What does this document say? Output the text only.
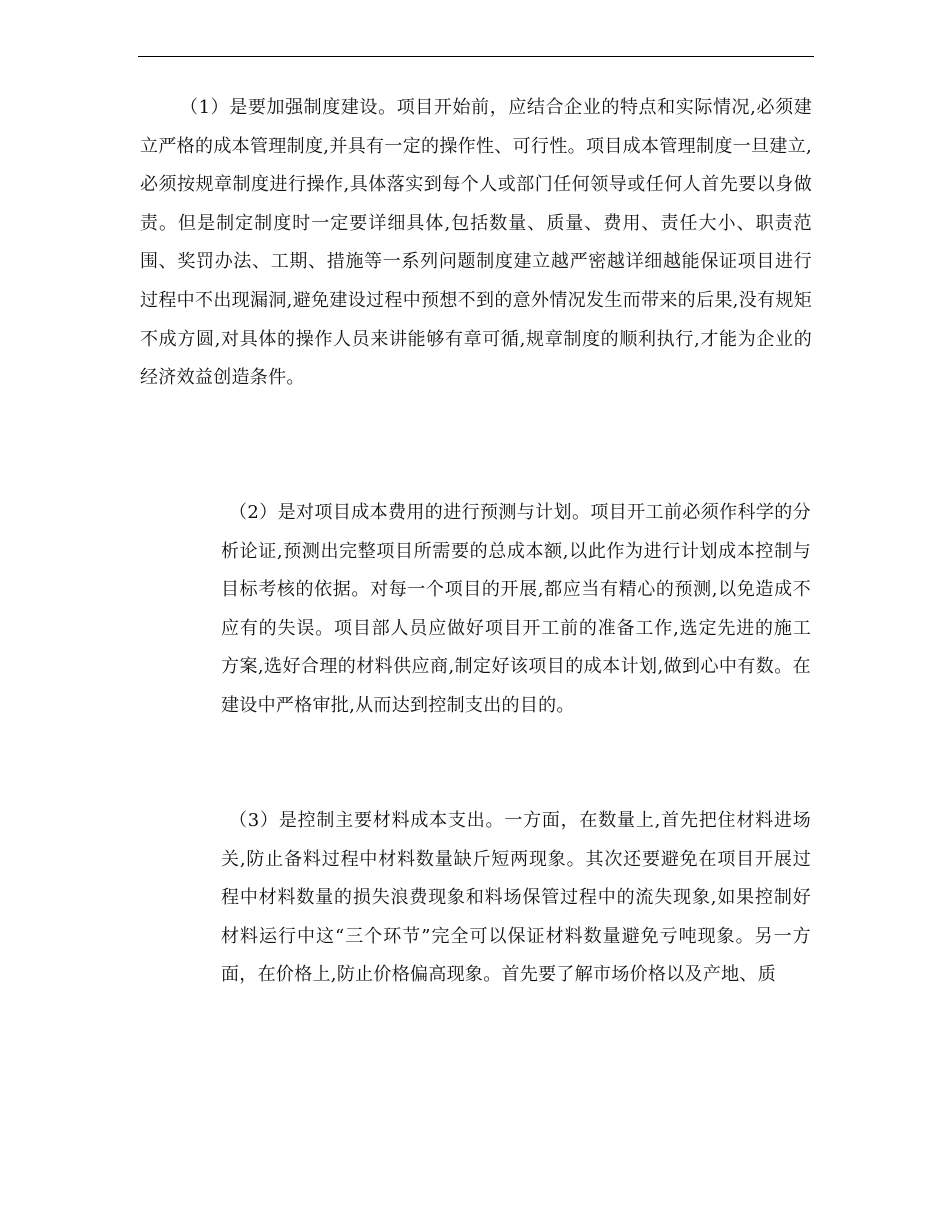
（1）是要加强制度建设。项目开始前，应结合企业的特点和实际情况,必须建立严格的成本管理制度,并具有一定的操作性、可行性。项目成本管理制度一旦建立,必须按规章制度进行操作,具体落实到每个人或部门任何领导或任何人首先要以身做责。但是制定制度时一定要详细具体,包括数量、质量、费用、责任大小、职责范围、奖罚办法、工期、措施等一系列问题制度建立越严密越详细越能保证项目进行过程中不出现漏洞,避免建设过程中预想不到的意外情况发生而带来的后果,没有规矩不成方圆,对具体的操作人员来讲能够有章可循,规章制度的顺利执行,才能为企业的经济效益创造条件。

（2）是对项目成本费用的进行预测与计划。项目开工前必须作科学的分析论证,预测出完整项目所需要的总成本额,以此作为进行计划成本控制与目标考核的依据。对每一个项目的开展,都应当有精心的预测,以免造成不应有的失误。项目部人员应做好项目开工前的准备工作,选定先进的施工方案,选好合理的材料供应商,制定好该项目的成本计划,做到心中有数。在建设中严格审批,从而达到控制支出的目的。

（3）是控制主要材料成本支出。一方面，在数量上,首先把住材料进场关,防止备料过程中材料数量缺斤短两现象。其次还要避免在项目开展过程中材料数量的损失浪费现象和料场保管过程中的流失现象,如果控制好材料运行中这“三个环节”完全可以保证材料数量避免亏吨现象。另一方面，在价格上,防止价格偏高现象。首先要了解市场价格以及产地、质
